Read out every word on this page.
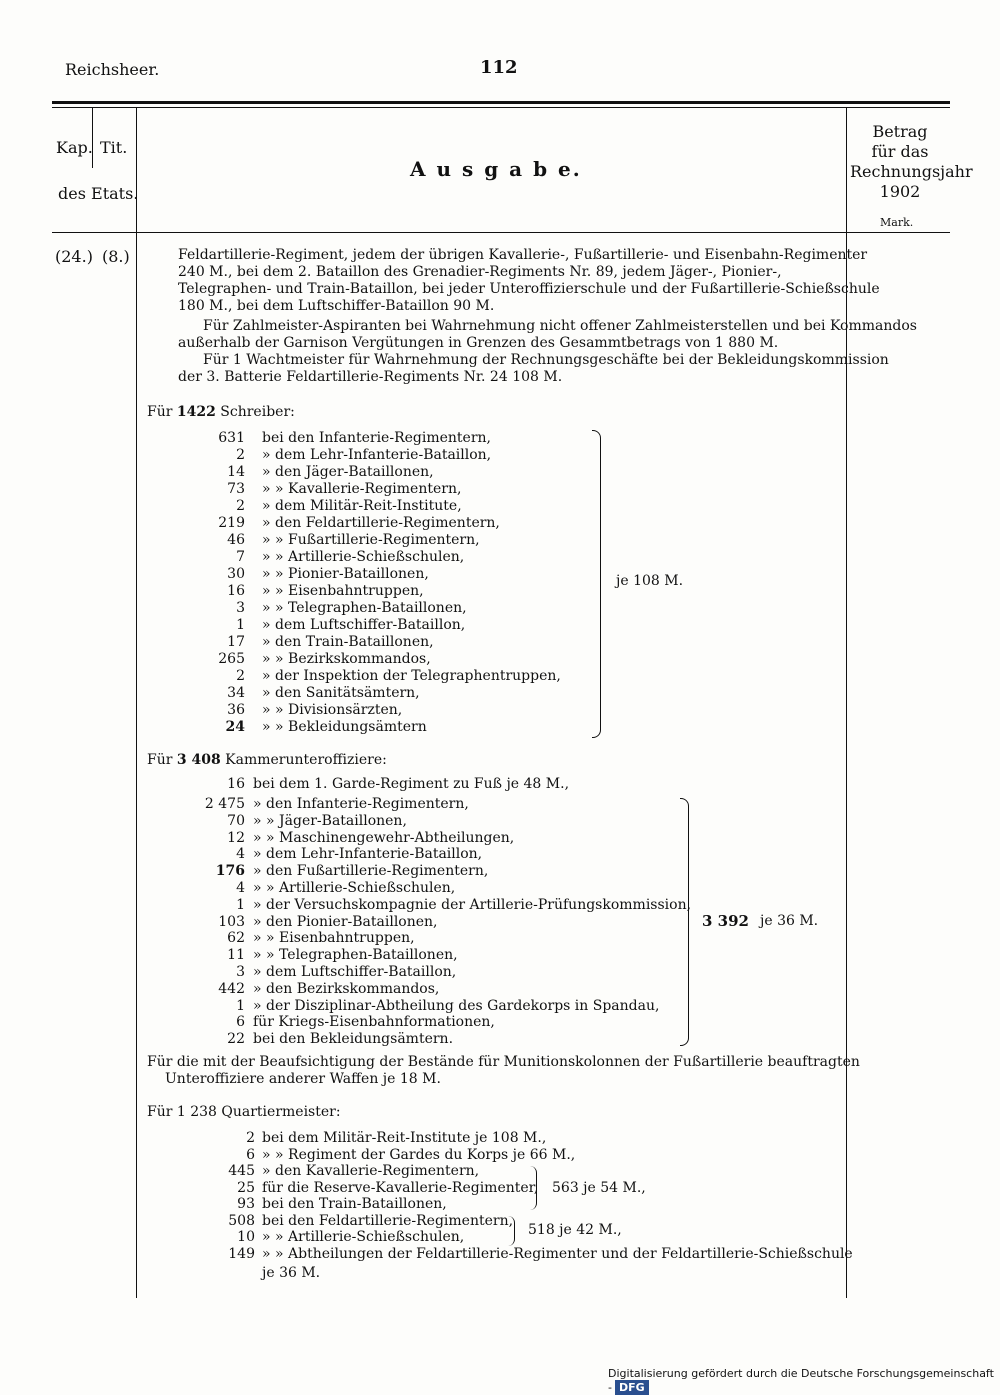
Reichsheer.	112
Kap. Tit.
des Etats.
A u s g a b e.
Betrag
für das
Rechnungsjahr
1902
Mark.
(24.) (8.)	Feldartillerie-Regiment, jedem der übrigen Kavallerie-, Fußartillerie- und Eisenbahn-Regimenter
240 M., bei dem 2. Bataillon des Grenadier-Regiments Nr. 89, jedem Jäger-, Pionier-,
Telegraphen- und Train-Bataillon, bei jeder Unteroffizierschule und der Fußartillerie-Schießschule
180 M., bei dem Luftschiffer-Bataillon 90 M.
Für Zahlmeister-Aspiranten bei Wahrnehmung nicht offener Zahlmeisterstellen und bei Kommandos
außerhalb der Garnison Vergütungen in Grenzen des Gesammtbetrags von 1 880 M.
Für 1 Wachtmeister für Wahrnehmung der Rechnungsgeschäfte bei der Bekleidungskommission
der 3. Batterie Feldartillerie-Regiments Nr. 24 108 M.
Für 1422 Schreiber:
631 bei den Infanterie-Regimentern,
2 » dem Lehr-Infanterie-Bataillon,
14 » den Jäger-Bataillonen,
73 » » Kavallerie-Regimentern,
2 » dem Militär-Reit-Institute,
219 » den Feldartillerie-Regimentern,
46 » » Fußartillerie-Regimentern,
7 » » Artillerie-Schießschulen,
30 » » Pionier-Bataillonen,
16 » » Eisenbahntruppen,
3 » » Telegraphen-Bataillonen,
1 » dem Luftschiffer-Bataillon,
17 » den Train-Bataillonen,
265 » » Bezirkskommandos,
2 » der Inspektion der Telegraphentruppen,
34 » den Sanitätsämtern,
36 » » Divisionsärzten,
24 » » Bekleidungsämtern
je 108 M.
Für 3 408 Kammerunteroffiziere:
16 bei dem 1. Garde-Regiment zu Fuß je 48 M.,
2 475 » den Infanterie-Regimentern,
70 » » Jäger-Bataillonen,
12 » » Maschinengewehr-Abtheilungen,
4 » dem Lehr-Infanterie-Bataillon,
176 » den Fußartillerie-Regimentern,
4 » » Artillerie-Schießschulen,
1 » der Versuchskompagnie der Artillerie-Prüfungskommission,
103 » den Pionier-Bataillonen,
62 » » Eisenbahntruppen,
11 » » Telegraphen-Bataillonen,
3 » dem Luftschiffer-Bataillon,
442 » den Bezirkskommandos,
1 » der Disziplinar-Abtheilung des Gardekorps in Spandau,
6 für Kriegs-Eisenbahnformationen,
22 bei den Bekleidungsämtern.
3 392 je 36 M.
Für die mit der Beaufsichtigung der Bestände für Munitionskolonnen der Fußartillerie beauftragten
Unteroffiziere anderer Waffen je 18 M.
Für 1 238 Quartiermeister:
2 bei dem Militär-Reit-Institute je 108 M.,
6 » » Regiment der Gardes du Korps je 66 M.,
445 » den Kavallerie-Regimentern,
25 für die Reserve-Kavallerie-Regimenter,
93 bei den Train-Bataillonen,
508 bei den Feldartillerie-Regimentern,
10 » » Artillerie-Schießschulen,
149 » » Abtheilungen der Feldartillerie-Regimenter und der Feldartillerie-Schießschule
563 je 54 M.,
518 je 42 M.,
je 36 M.
Digitalisierung gefördert durch die Deutsche Forschungsgemeinschaft - DFG
